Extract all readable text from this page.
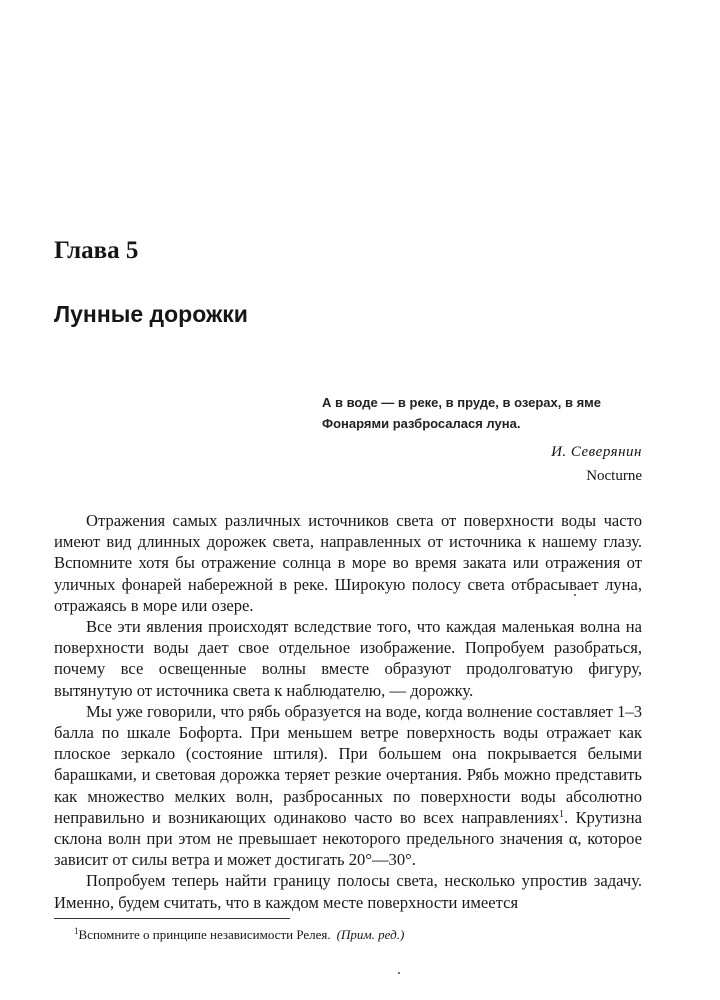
Глава 5
Лунные дорожки
А в воде — в реке, в пруде, в озерах, в яме
Фонарями разбросалася луна.
И. Северянин
Nocturne

Отражения самых различных источников света от поверхности воды часто имеют вид длинных дорожек света, направленных от источника к нашему глазу. Вспомните хотя бы отражение солнца в море во время заката или отражения от уличных фонарей набережной в реке. Широкую полосу света отбрасывает луна, отражаясь в море или озере.

Все эти явления происходят вследствие того, что каждая маленькая волна на поверхности воды дает свое отдельное изображение. Попробуем разобраться, почему все освещенные волны вместе образуют продолговатую фигуру, вытянутую от источника света к наблюдателю, — дорожку.

Мы уже говорили, что рябь образуется на воде, когда волнение составляет 1–3 балла по шкале Бофорта. При меньшем ветре поверхность воды отражает как плоское зеркало (состояние штиля). При большем она покрывается белыми барашками, и световая дорожка теряет резкие очертания. Рябь можно представить как множество мелких волн, разбросанных по поверхности воды абсолютно неправильно и возникающих одинаково часто во всех направлениях$^1$. Крутизна склона волн при этом не превышает некоторого предельного значения α, которое зависит от силы ветра и может достигать 20°—30°.

Попробуем теперь найти границу полосы света, несколько упростив задачу. Именно, будем считать, что в каждом месте поверхности имеется

$^1$Вспомните о принципе независимости Релея. (Прим. ред.)
